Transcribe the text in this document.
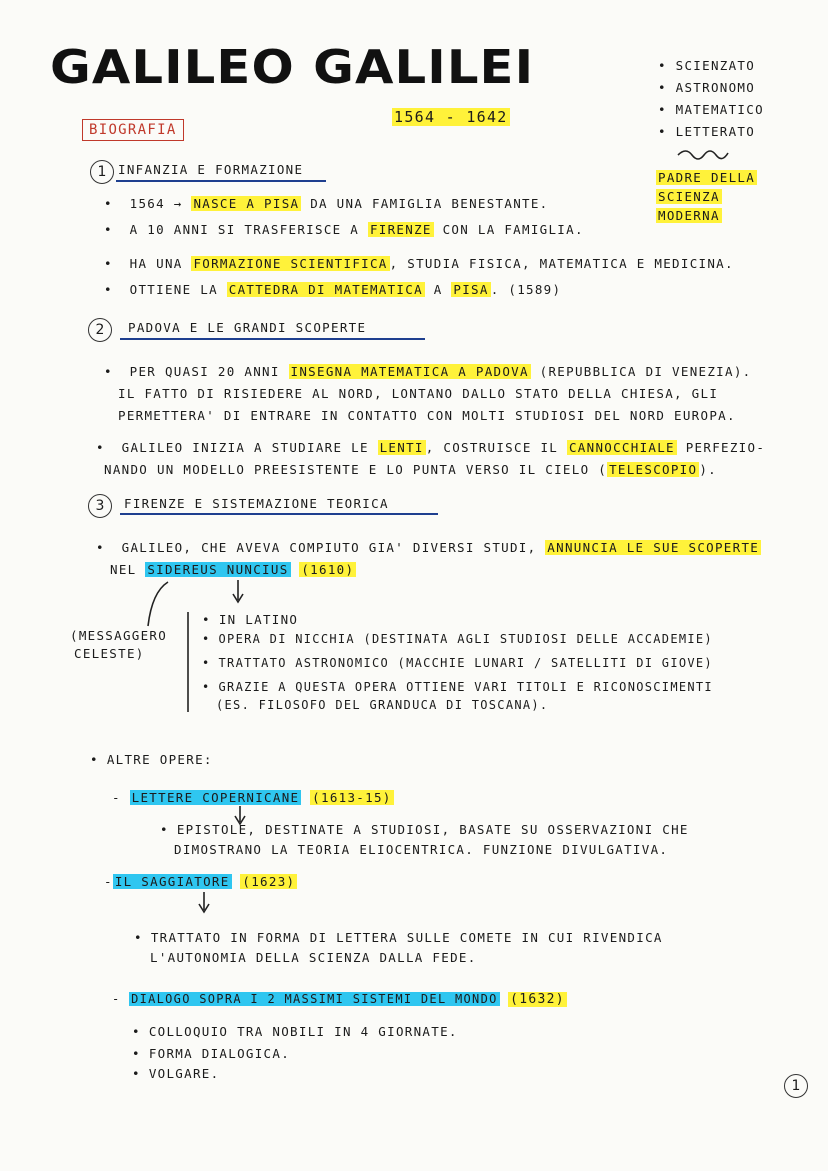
GALILEO GALILEI	• SCIENZATO
• ASTRONOMO
• MATEMATICO
• LETTERATO
PADRE DELLA
SCIENZA
MODERNA
1564 - 1642
BIOGRAFIA
1 INFANZIA E FORMAZIONE
• 1564 → NASCE A PISA DA UNA FAMIGLIA BENESTANTE.
• A 10 ANNI SI TRASFERISCE A FIRENZE CON LA FAMIGLIA.
• HA UNA FORMAZIONE SCIENTIFICA , STUDIA FISICA, MATEMATICA E MEDICINA.
• OTTIENE LA CATTEDRA DI MATEMATICA A PISA . (1589)
2	PADOVA E LE GRANDI SCOPERTE
• PER QUASI 20 ANNI INSEGNA MATEMATICA A PADOVA (REPUBBLICA DI VENEZIA).
IL FATTO DI RISIEDERE AL NORD, LONTANO DALLO STATO DELLA CHIESA, GLI
PERMETTERA' DI ENTRARE IN CONTATTO CON MOLTI STUDIOSI DEL NORD EUROPA.
• GALILEO INIZIA A STUDIARE LE LENTI , COSTRUISCE IL CANNOCCHIALE PERFEZIO-
NANDO UN MODELLO PREESISTENTE E LO PUNTA VERSO IL CIELO ( TELESCOPIO ).
3	FIRENZE E SISTEMAZIONE TEORICA
• GALILEO, CHE AVEVA COMPIUTO GIA' DIVERSI STUDI, ANNUNCIA LE SUE SCOPERTE
NEL SIDEREUS NUNCIUS (1610)
(MESSAGGERO
CELESTE)
• IN LATINO
• OPERA DI NICCHIA (DESTINATA AGLI STUDIOSI DELLE ACCADEMIE)
• TRATTATO ASTRONOMICO (MACCHIE LUNARI / SATELLITI DI GIOVE)
• GRAZIE A QUESTA OPERA OTTIENE VARI TITOLI E RICONOSCIMENTI
(ES. FILOSOFO DEL GRANDUCA DI TOSCANA).
• ALTRE OPERE:
- LETTERE COPERNICANE (1613-15)
• EPISTOLE, DESTINATE A STUDIOSI, BASATE SU OSSERVAZIONI CHE
DIMOSTRANO LA TEORIA ELIOCENTRICA. FUNZIONE DIVULGATIVA.
- IL SAGGIATORE (1623)
• TRATTATO IN FORMA DI LETTERA SULLE COMETE IN CUI RIVENDICA
L'AUTONOMIA DELLA SCIENZA DALLA FEDE.
- DIALOGO SOPRA I 2 MASSIMI SISTEMI DEL MONDO (1632)
• COLLOQUIO TRA NOBILI IN 4 GIORNATE.
• FORMA DIALOGICA.
• VOLGARE.
1
